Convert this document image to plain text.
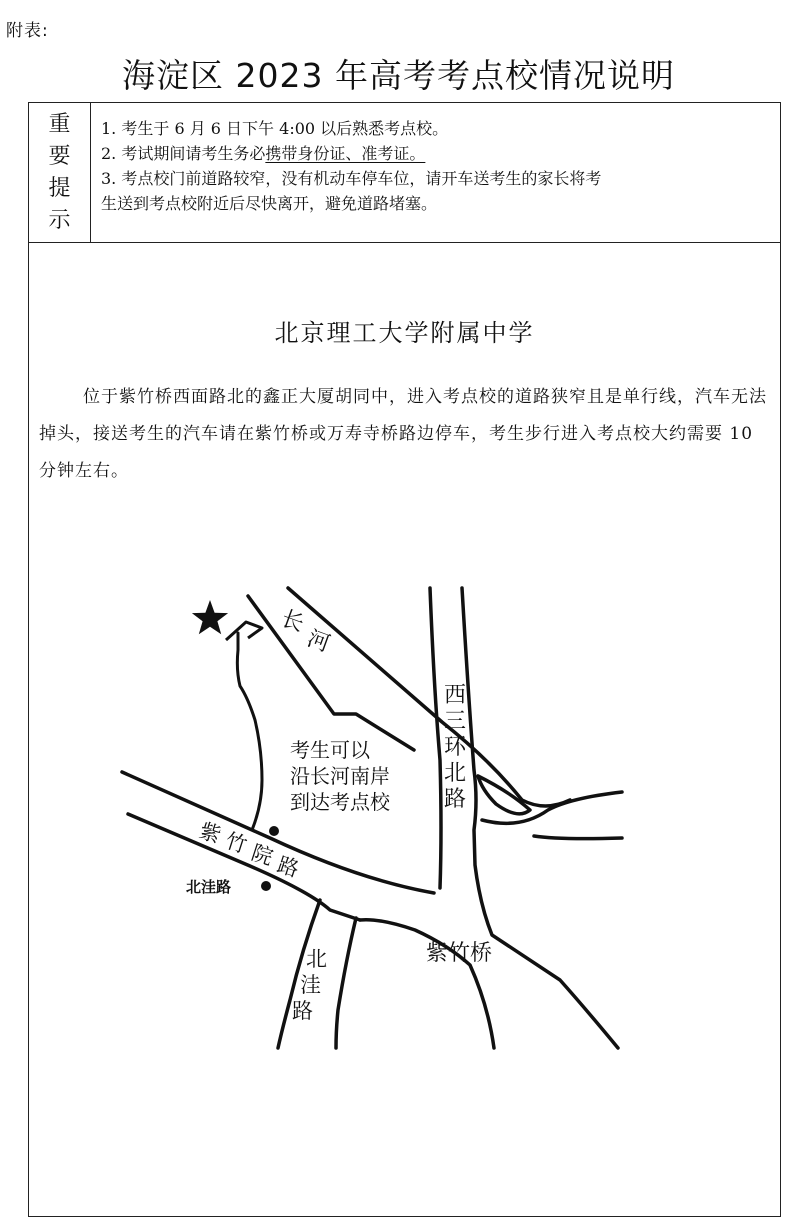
附表:
海淀区 2023 年高考考点校情况说明
重
要
提
示

1. 考生于 6 月 6 日下午 4:00 以后熟悉考点校。

2. 考试期间请考生务必携带身份证、准考证。

3. 考点校门前道路较窄，没有机动车停车位，请开车送考生的家长将考

生送到考点校附近后尽快离开，避免道路堵塞。

北京理工大学附属中学

位于紫竹桥西面路北的鑫正大厦胡同中，进入考点校的道路狭窄且是单行线，汽车无法掉头，接送考生的汽车请在紫竹桥或万寿寺桥路边停车，考生步行进入考点校大约需要 10 分钟左右。

长
河
西
三
环
北
路
考生可以
沿长河南岸
到达考点校
紫
竹
院
路
北洼路
北
洼
路
紫竹桥
